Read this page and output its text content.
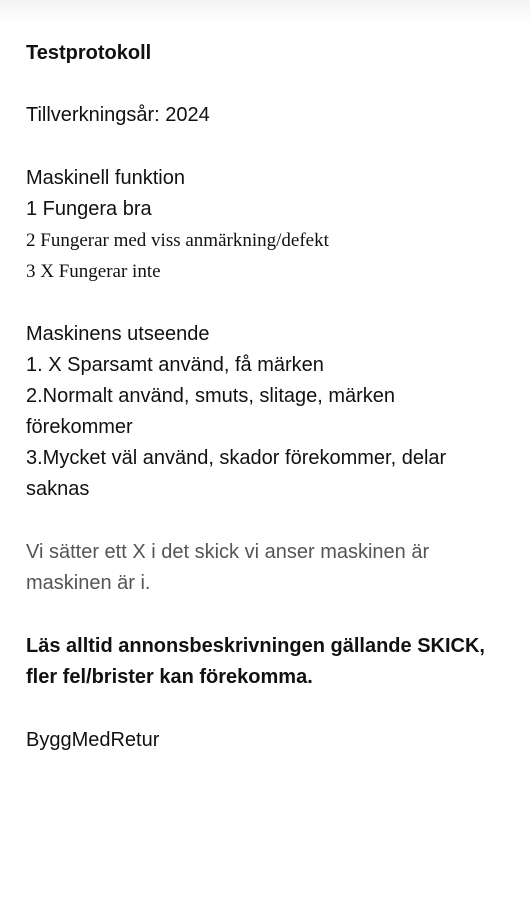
Testprotokoll

Tillverkningsår: 2024

Maskinell funktion

1 Fungera bra

2 Fungerar med viss anmärkning/defekt

3 X Fungerar inte

Maskinens utseende

1. X Sparsamt använd, få märken

2.Normalt använd, smuts, slitage, märken förekommer

3.Mycket väl använd, skador förekommer, delar saknas

Vi sätter ett X i det skick vi anser maskinen är maskinen är i.

Läs alltid annonsbeskrivningen gällande SKICK, fler fel/brister kan förekomma.

ByggMedRetur
